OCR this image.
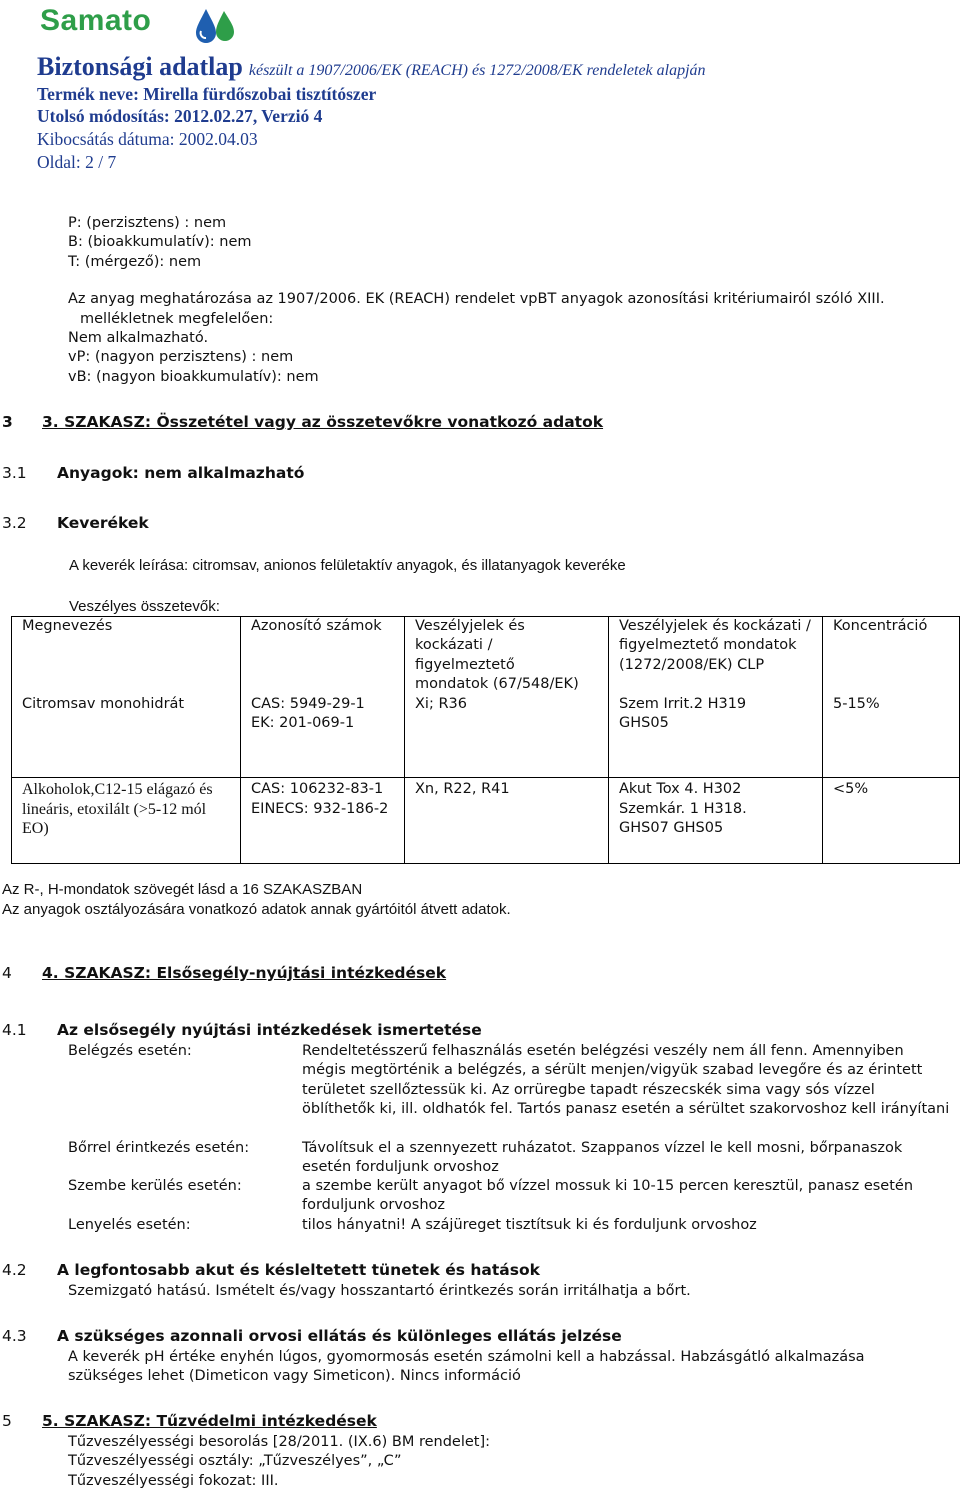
Samato
Biztonsági adatlap készült a 1907/2006/EK (REACH) és 1272/2008/EK rendeletek alapján
Termék neve: Mirella fürdőszobai tisztítószer
Utolsó módosítás: 2012.02.27, Verzió 4
Kibocsátás dátuma: 2002.04.03
Oldal: 2 / 7
P: (perzisztens) : nem
B: (bioakkumulatív): nem
T: (mérgező): nem
Az anyag meghatározása az 1907/2006. EK (REACH) rendelet vpBT anyagok azonosítási kritériumairól szóló XIII.
mellékletnek megfelelően:
Nem alkalmazható.
vP: (nagyon perzisztens) : nem
vB: (nagyon bioakkumulatív): nem
3 3. SZAKASZ: Összetétel vagy az összetevőkre vonatkozó adatok
3.1 Anyagok: nem alkalmazható
3.2 Keverékek
A keverék leírása: citromsav, anionos felületaktív anyagok, és illatanyagok keveréke
Veszélyes összetevők:
Megnevezés	Azonosító számok	Veszélyjelek és kockázati / figyelmeztető mondatok (67/548/EK)	Veszélyjelek és kockázati / figyelmeztető mondatok (1272/2008/EK) CLP	Koncentráció
Citromsav monohidrát	CAS: 5949-29-1 EK: 201-069-1	Xi; R36	Szem Irrit.2 H319 GHS05	5-15%
Alkoholok,C12-15 elágazó és lineáris, etoxilált (>5-12 mól EO)	CAS: 106232-83-1 EINECS: 932-186-2	Xn, R22, R41	Akut Tox 4. H302 Szemkár. 1 H318. GHS07 GHS05	<5%
Az R-, H-mondatok szövegét lásd a 16 SZAKASZBAN
Az anyagok osztályozására vonatkozó adatok annak gyártóitól átvett adatok.
4 4. SZAKASZ: Elsősegély-nyújtási intézkedések
4.1 Az elsősegély nyújtási intézkedések ismertetése
Belégzés esetén:	Rendeltetésszerű felhasználás esetén belégzési veszély nem áll fenn. Amennyiben mégis megtörténik a belégzés, a sérült menjen/vigyük szabad levegőre és az érintett területet szellőztessük ki. Az orrüregbe tapadt részecskék sima vagy sós vízzel öblíthetők ki, ill. oldhatók fel. Tartós panasz esetén a sérültet szakorvoshoz kell irányítani
Bőrrel érintkezés esetén:	Távolítsuk el a szennyezett ruházatot. Szappanos vízzel le kell mosni, bőrpanaszok esetén forduljunk orvoshoz
Szembe kerülés esetén:	a szembe került anyagot bő vízzel mossuk ki 10-15 percen keresztül, panasz esetén forduljunk orvoshoz
Lenyelés esetén:	tilos hányatni! A szájüreget tisztítsuk ki és forduljunk orvoshoz
4.2 A legfontosabb akut és késleltetett tünetek és hatások
Szemizgató hatású. Ismételt és/vagy hosszantartó érintkezés során irritálhatja a bőrt.
4.3 A szükséges azonnali orvosi ellátás és különleges ellátás jelzése
A keverék pH értéke enyhén lúgos, gyomormosás esetén számolni kell a habzással. Habzásgátló alkalmazása
szükséges lehet (Dimeticon vagy Simeticon). Nincs információ
5 5. SZAKASZ: Tűzvédelmi intézkedések
Tűzveszélyességi besorolás [28/2011. (IX.6) BM rendelet]:
Tűzveszélyességi osztály: „Tűzveszélyes”, „C”
Tűzveszélyességi fokozat: III.
